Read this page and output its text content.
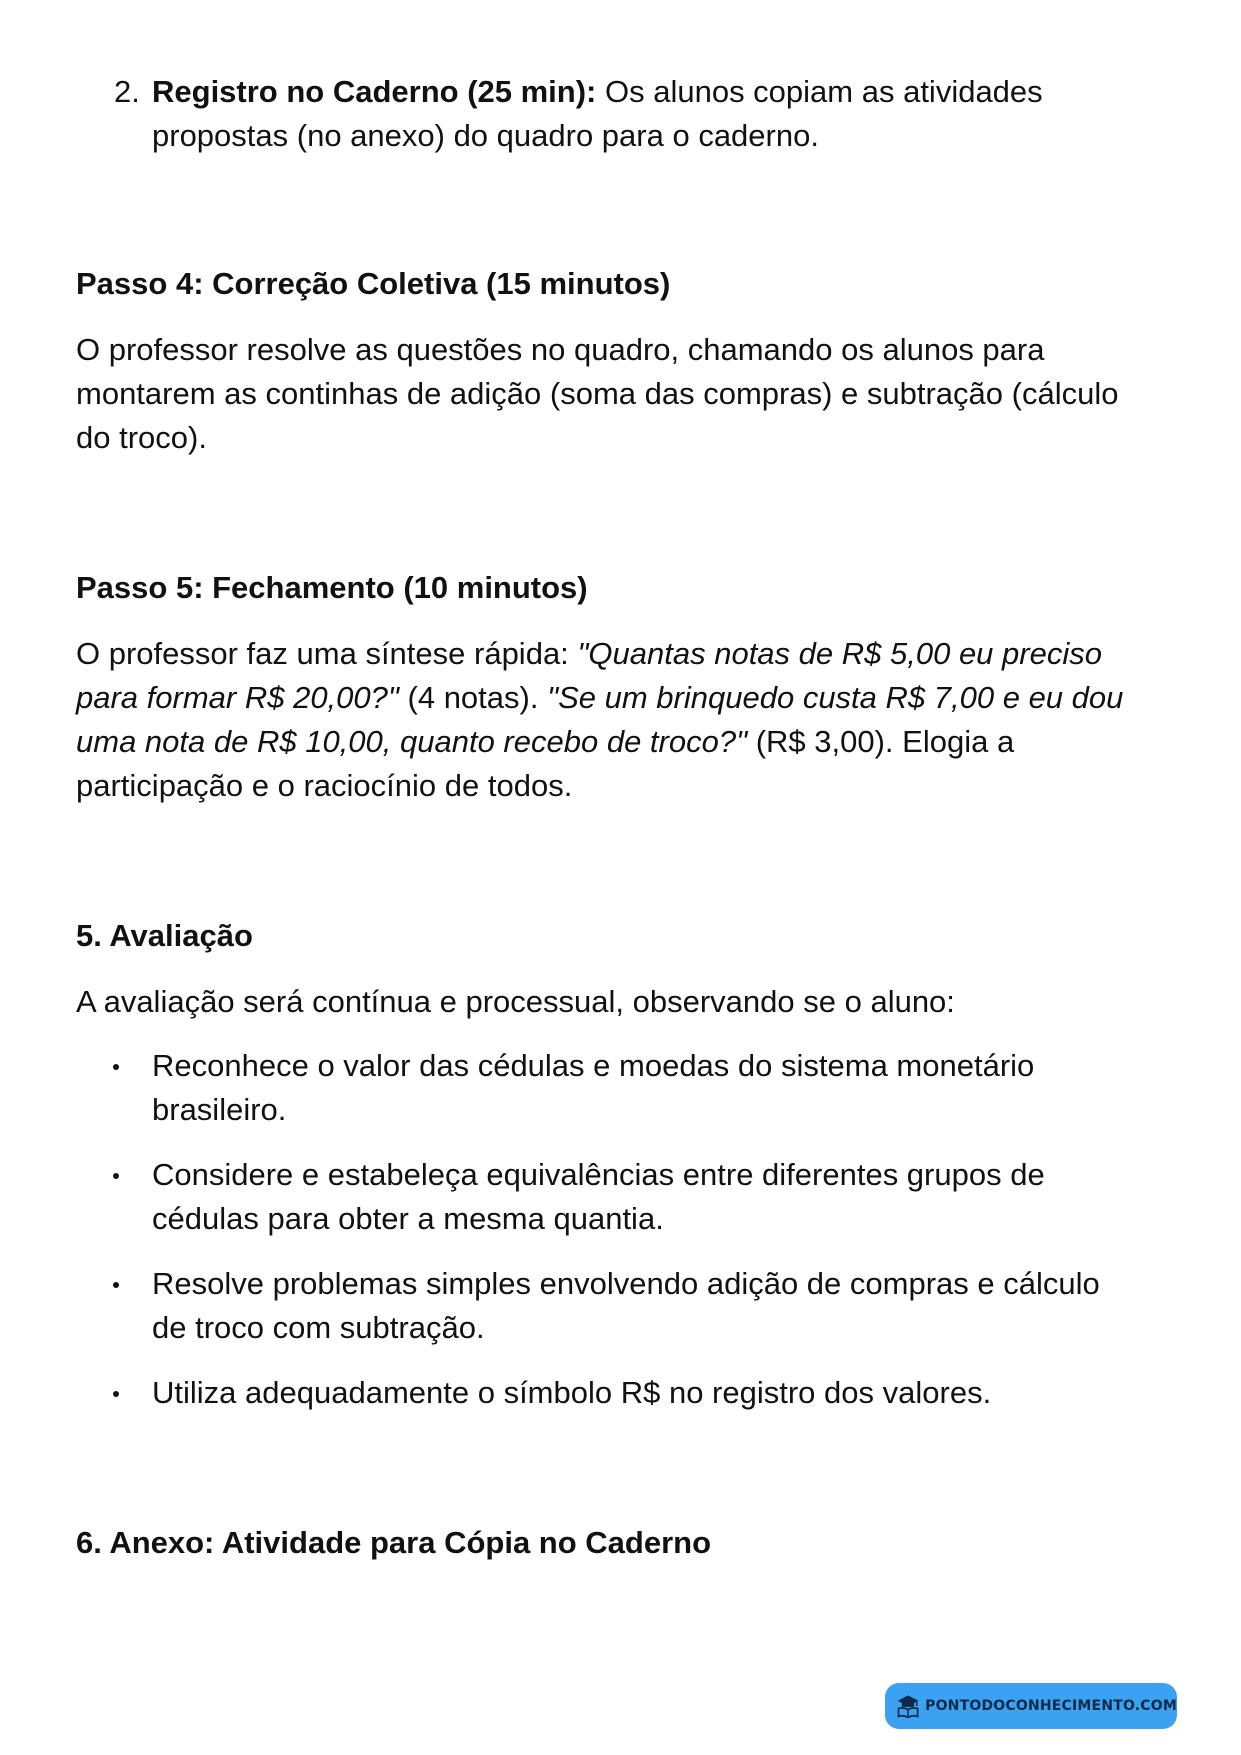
2. Registro no Caderno (25 min): Os alunos copiam as atividades propostas (no anexo) do quadro para o caderno.
Passo 4: Correção Coletiva (15 minutos)

O professor resolve as questões no quadro, chamando os alunos para montarem as continhas de adição (soma das compras) e subtração (cálculo do troco).

Passo 5: Fechamento (10 minutos)

O professor faz uma síntese rápida: "Quantas notas de R$ 5,00 eu preciso para formar R$ 20,00?" (4 notas). "Se um brinquedo custa R$ 7,00 e eu dou uma nota de R$ 10,00, quanto recebo de troco?" (R$ 3,00). Elogia a participação e o raciocínio de todos.

5. Avaliação

A avaliação será contínua e processual, observando se o aluno:

Reconhece o valor das cédulas e moedas do sistema monetário brasileiro.
Considere e estabeleça equivalências entre diferentes grupos de cédulas para obter a mesma quantia.
Resolve problemas simples envolvendo adição de compras e cálculo de troco com subtração.
Utiliza adequadamente o símbolo R$ no registro dos valores.
6. Anexo: Atividade para Cópia no Caderno
PONTODOCONHECIMENTO.COM
